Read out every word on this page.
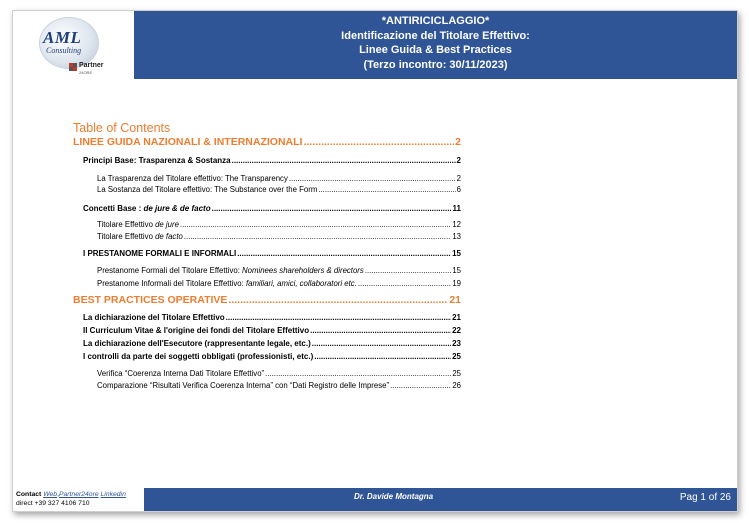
AML
Consulting
Partner
24ORE
*ANTIRICICLAGGIO*
Identificazione del Titolare Effettivo:
Linee Guida & Best Practices
(Terzo incontro: 30/11/2023)
Table of Contents
LINEE GUIDA NAZIONALI & INTERNAZIONALI .....	2
Principi Base: Trasparenza & Sostanza .....	2
La Trasparenza del Titolare effettivo: The Transparency .....	2
La Sostanza del Titolare effettivo: The Substance over the Form .....	6
Concetti Base : de jure & de facto .....	11
Titolare Effettivo de jure .....	12
Titolare Effettivo de facto .....	13
I PRESTANOME FORMALI E INFORMALI .....	15
Prestanome Formali del Titolare Effettivo: Nominees shareholders & directors .....	15
Prestanome Informali del Titolare Effettivo: familiari, amici, collaboratori etc. .....	19
BEST PRACTICES OPERATIVE .....	21
La dichiarazione del Titolare Effettivo .....	21
Il Curriculum Vitae & l'origine dei fondi del Titolare Effettivo .....	22
La dichiarazione dell'Esecutore (rappresentante legale, etc.) .....	23
I controlli da parte dei soggetti obbligati (professionisti, etc.) .....	25
Verifica “Coerenza Interna Dati Titolare Effettivo” .....	25
Comparazione “Risultati Verifica Coerenza Interna” con “Dati Registro delle Imprese” .....	26
Contact Web,Partner24ore Linkedin
direct +39 327 4106 710
Dr. Davide Montagna	Pag 1 of 26
